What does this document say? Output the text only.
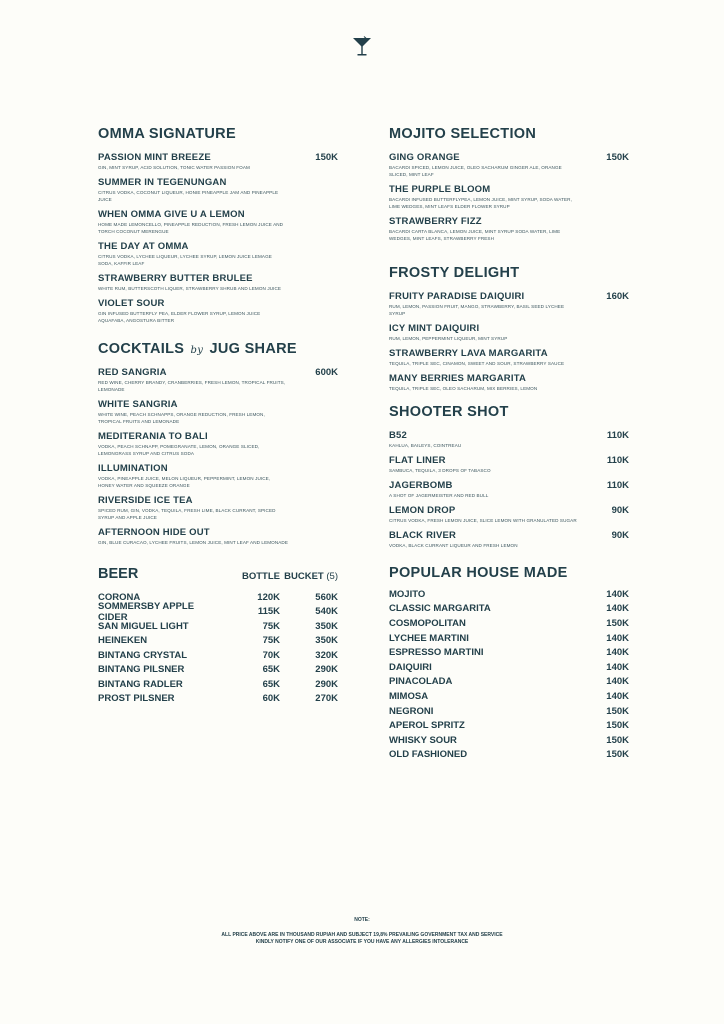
OMMA SIGNATURE
PASSION MINT BREEZE	150K
GIN, MINT SYRUP, ACID SOLUTION, TONIC WATER PASSION FOAM
SUMMER IN TEGENUNGAN
CITRUS VODKA, COCONUT LIQUEUR, HONIE PINEAPPLE JAM AND PINEAPPLE JUICE
WHEN OMMA GIVE U A LEMON
HOME MADE LEMONCELLO, PINEAPPLE REDUCTION, FRESH LEMON JUICE AND TORCH COCONUT MERENGUE
THE DAY AT OMMA
CITRUS VODKA, LYCHEE LIQUEUR, LYCHEE SYRUP, LEMON JUICE LEMAGE SODA, KAFFIR LEAF
STRAWBERRY BUTTER BRULEE
WHITE RUM, BUTTERSCOTH LIQUER, STRAWBERRY SHRUB AND LEMON JUICE
VIOLET SOUR
GIN INFUSED BUTTERFLY PEA, ELDER FLOWER SYRUP, LEMON JUICE AQUAFABA, ANGOSTURA BITTER
COCKTAILS by JUG SHARE
RED SANGRIA	600K
RED WINE, CHERRY BRANDY, CRANBERRIES, FRESH LEMON, TROPICAL FRUITS, LEMONADE
WHITE SANGRIA
WHITE WINE, PEACH SCHNAPPS, ORANGE REDUCTION, FRESH LEMON, TROPICAL FRUITS AND LEMONADE
MEDITERANIA TO BALI
VODKA, PEACH SCHNAPP, POMEGRANATE, LEMON, ORANGE SLICED, LEMONGRASS SYRUP AND CITRUS SODA
ILLUMINATION
VODKA, PINEAPPLE JUICE, MELON LIQUEUR, PEPPERMINT, LEMON JUICE, HONEY WATER AND SQUEEZE ORANGE
RIVERSIDE ICE TEA
SPICED RUM, GIN, VODKA, TEQUILA, FRESH LIME, BLACK CURRANT, SPICED SYRUP AND APPLE JUICE
AFTERNOON HIDE OUT
GIN, BLUE CURACAO, LYCHEE FRUITS, LEMON JUICE, MINT LEAF AND LEMONADE
BEER	BOTTLE BUCKET (5)
CORONA	120K	560K
SOMMERSBY APPLE CIDER	115K	540K
SAN MIGUEL LIGHT	75K	350K
HEINEKEN	75K	350K
BINTANG CRYSTAL	70K	320K
BINTANG PILSNER	65K	290K
BINTANG RADLER	65K	290K
PROST PILSNER	60K	270K
MOJITO SELECTION
GING ORANGE	150K
BACARDI SPICED, LEMON JUICE, OLEO SACHARUM GINGER ALE, ORANGE SLICED, MINT LEAF
THE PURPLE BLOOM
BACARDI INFUSED BUTTERFLYPEA, LEMON JUICE, MINT SYRUP, SODA WATER, LIME WEDGES, MINT LEAFS ELDER FLOWER SYRUP
STRAWBERRY FIZZ
BACARDI CARTA BLANCA, LEMON JUICE, MINT SYRUP SODA WATER, LIME WEDGES, MINT LEAFS, STRAWBERRY FRESH
FROSTY DELIGHT
FRUITY PARADISE DAIQUIRI	160K
RUM, LEMON, PASSION FRUIT, MANGO, STRAWBERRY, BASIL SEED LYCHEE SYRUP
ICY MINT DAIQUIRI
RUM, LEMON, PEPPERMINT LIQUEUR, MINT SYRUP
STRAWBERRY LAVA MARGARITA
TEQUILA, TRIPLE SEC, CINAMON, SWEET AND SOUR, STRAWBERRY SAUCE
MANY BERRIES MARGARITA
TEQUILA, TRIPLE SEC, OLEO SACHARUM, MIX BERRIES, LEMON
SHOOTER SHOT
B52	110K
KAHLUA, BAILEYS, COINTREAU
FLAT LINER	110K
SAMBUCA, TEQUILA, 3 DROPS OF TABASCO
JAGERBOMB	110K
A SHOT OF JAGERMEISTER AND RED BULL
LEMON DROP	90K
CITRUS VODKA, FRESH LEMON JUICE, SLICE LEMON WITH GRANULATED SUGAR
BLACK RIVER	90K
VODKA, BLACK CURRANT LIQUEUR AND FRESH LEMON
POPULAR HOUSE MADE
MOJITO	140K
CLASSIC MARGARITA	140K
COSMOPOLITAN	150K
LYCHEE MARTINI	140K
ESPRESSO MARTINI	140K
DAIQUIRI	140K
PINACOLADA	140K
MIMOSA	140K
NEGRONI	150K
APEROL SPRITZ	150K
WHISKY SOUR	150K
OLD FASHIONED	150K
NOTE:
ALL PRICE ABOVE ARE IN THOUSAND RUPIAH AND SUBJECT 19,8% PREVAILING GOVERNMENT TAX AND SERVICE
KINDLY NOTIFY ONE OF OUR ASSOCIATE IF YOU HAVE ANY ALLERGIES INTOLERANCE
